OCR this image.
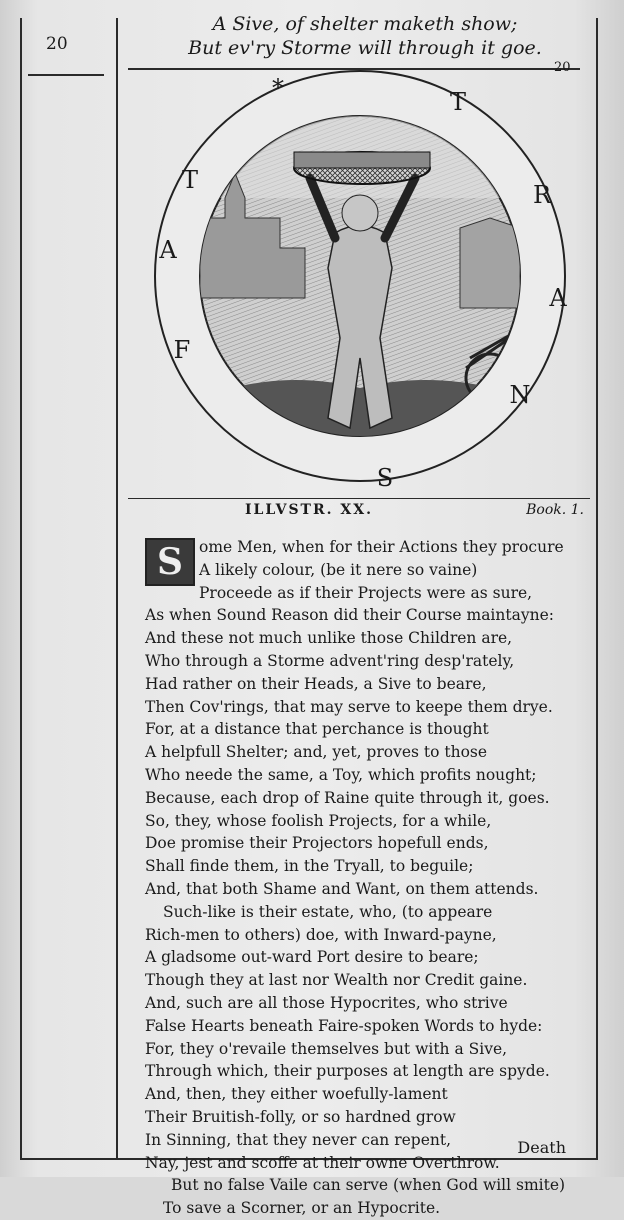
20
A Sive, of shelter maketh show;
But ev'ry Storme will through it goe.
20
*	T
R
A
N
S
F
A
T
ILLVSTR. XX.	Book. 1.
S	ome Men, when for their Actions they procure
A likely colour, (be it nere so vaine)
Proceede as if their Projects were as sure,
As when Sound Reason did their Course maintayne:
And these not much unlike those Children are,
Who through a Storme advent'ring desp'rately,
Had rather on their Heads, a Sive to beare,
Then Cov'rings, that may serve to keepe them drye.
For, at a distance that perchance is thought
A helpfull Shelter; and, yet, proves to those
Who neede the same, a Toy, which profits nought;
Because, each drop of Raine quite through it, goes.
So, they, whose foolish Projects, for a while,
Doe promise their Projectors hopefull ends,
Shall finde them, in the Tryall, to beguile;
And, that both Shame and Want, on them attends.
Such-like is their estate, who, (to appeare
Rich-men to others) doe, with Inward-payne,
A gladsome out-ward Port desire to beare;
Though they at last nor Wealth nor Credit gaine.
And, such are all those Hypocrites, who strive
False Hearts beneath Faire-spoken Words to hyde:
For, they o'revaile themselves but with a Sive,
Through which, their purposes at length are spyde.
And, then, they either woefully-lament
Their Bruitish-folly, or so hardned grow
In Sinning, that they never can repent,
Nay, jest and scoffe at their owne Overthrow.
But no false Vaile can serve (when God will smite)
To save a Scorner, or an Hypocrite.
Death
